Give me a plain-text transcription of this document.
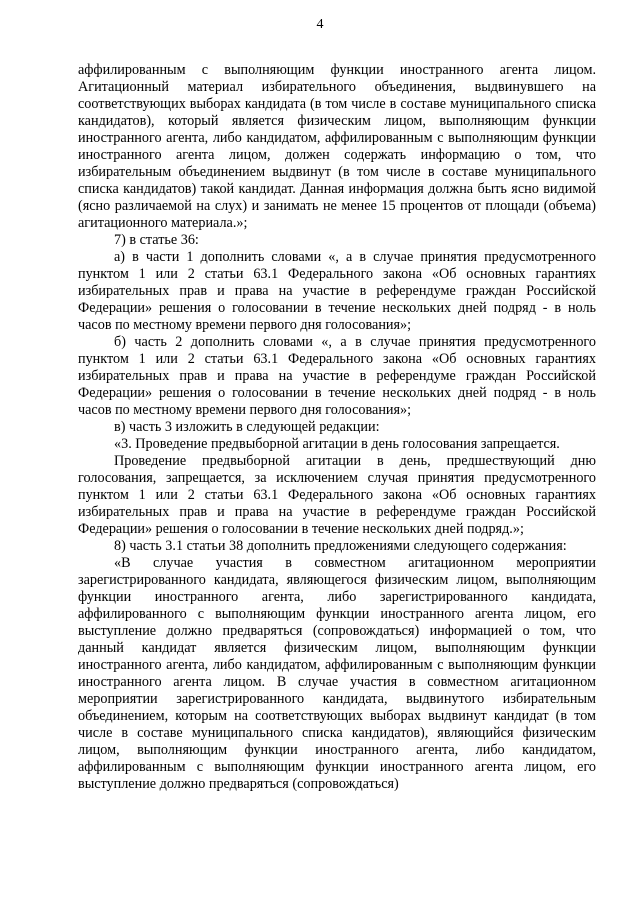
4

аффилированным с выполняющим функции иностранного агента лицом. Агитационный материал избирательного объединения, выдвинувшего на соответствующих выборах кандидата (в том числе в составе муниципального списка кандидатов), который является физическим лицом, выполняющим функции иностранного агента, либо кандидатом, аффилированным с выполняющим функции иностранного агента лицом, должен содержать информацию о том, что избирательным объединением выдвинут (в том числе в составе муниципального списка кандидатов) такой кандидат. Данная информация должна быть ясно видимой (ясно различаемой на слух) и занимать не менее 15 процентов от площади (объема) агитационного материала.»;

7) в статье 36:

а) в части 1 дополнить словами «, а в случае принятия предусмотренного пунктом 1 или 2 статьи 63.1 Федерального закона «Об основных гарантиях избирательных прав и права на участие в референдуме граждан Российской Федерации» решения о голосовании в течение нескольких дней подряд - в ноль часов по местному времени первого дня голосования»;

б) часть 2 дополнить словами «, а в случае принятия предусмотренного пунктом 1 или 2 статьи 63.1 Федерального закона «Об основных гарантиях избирательных прав и права на участие в референдуме граждан Российской Федерации» решения о голосовании в течение нескольких дней подряд - в ноль часов по местному времени первого дня голосования»;

в) часть 3 изложить в следующей редакции:

«3. Проведение предвыборной агитации в день голосования запрещается.

Проведение предвыборной агитации в день, предшествующий дню голосования, запрещается, за исключением случая принятия предусмотренного пунктом 1 или 2 статьи 63.1 Федерального закона «Об основных гарантиях избирательных прав и права на участие в референдуме граждан Российской Федерации» решения о голосовании в течение нескольких дней подряд.»;

8) часть 3.1 статьи 38 дополнить предложениями следующего содержания:

«В случае участия в совместном агитационном мероприятии зарегистрированного кандидата, являющегося физическим лицом, выполняющим функции иностранного агента, либо зарегистрированного кандидата, аффилированного с выполняющим функции иностранного агента лицом, его выступление должно предваряться (сопровождаться) информацией о том, что данный кандидат является физическим лицом, выполняющим функции иностранного агента, либо кандидатом, аффилированным с выполняющим функции иностранного агента лицом. В случае участия в совместном агитационном мероприятии зарегистрированного кандидата, выдвинутого избирательным объединением, которым на соответствующих выборах выдвинут кандидат (в том числе в составе муниципального списка кандидатов), являющийся физическим лицом, выполняющим функции иностранного агента, либо кандидатом, аффилированным с выполняющим функции иностранного агента лицом, его выступление должно предваряться (сопровождаться)
